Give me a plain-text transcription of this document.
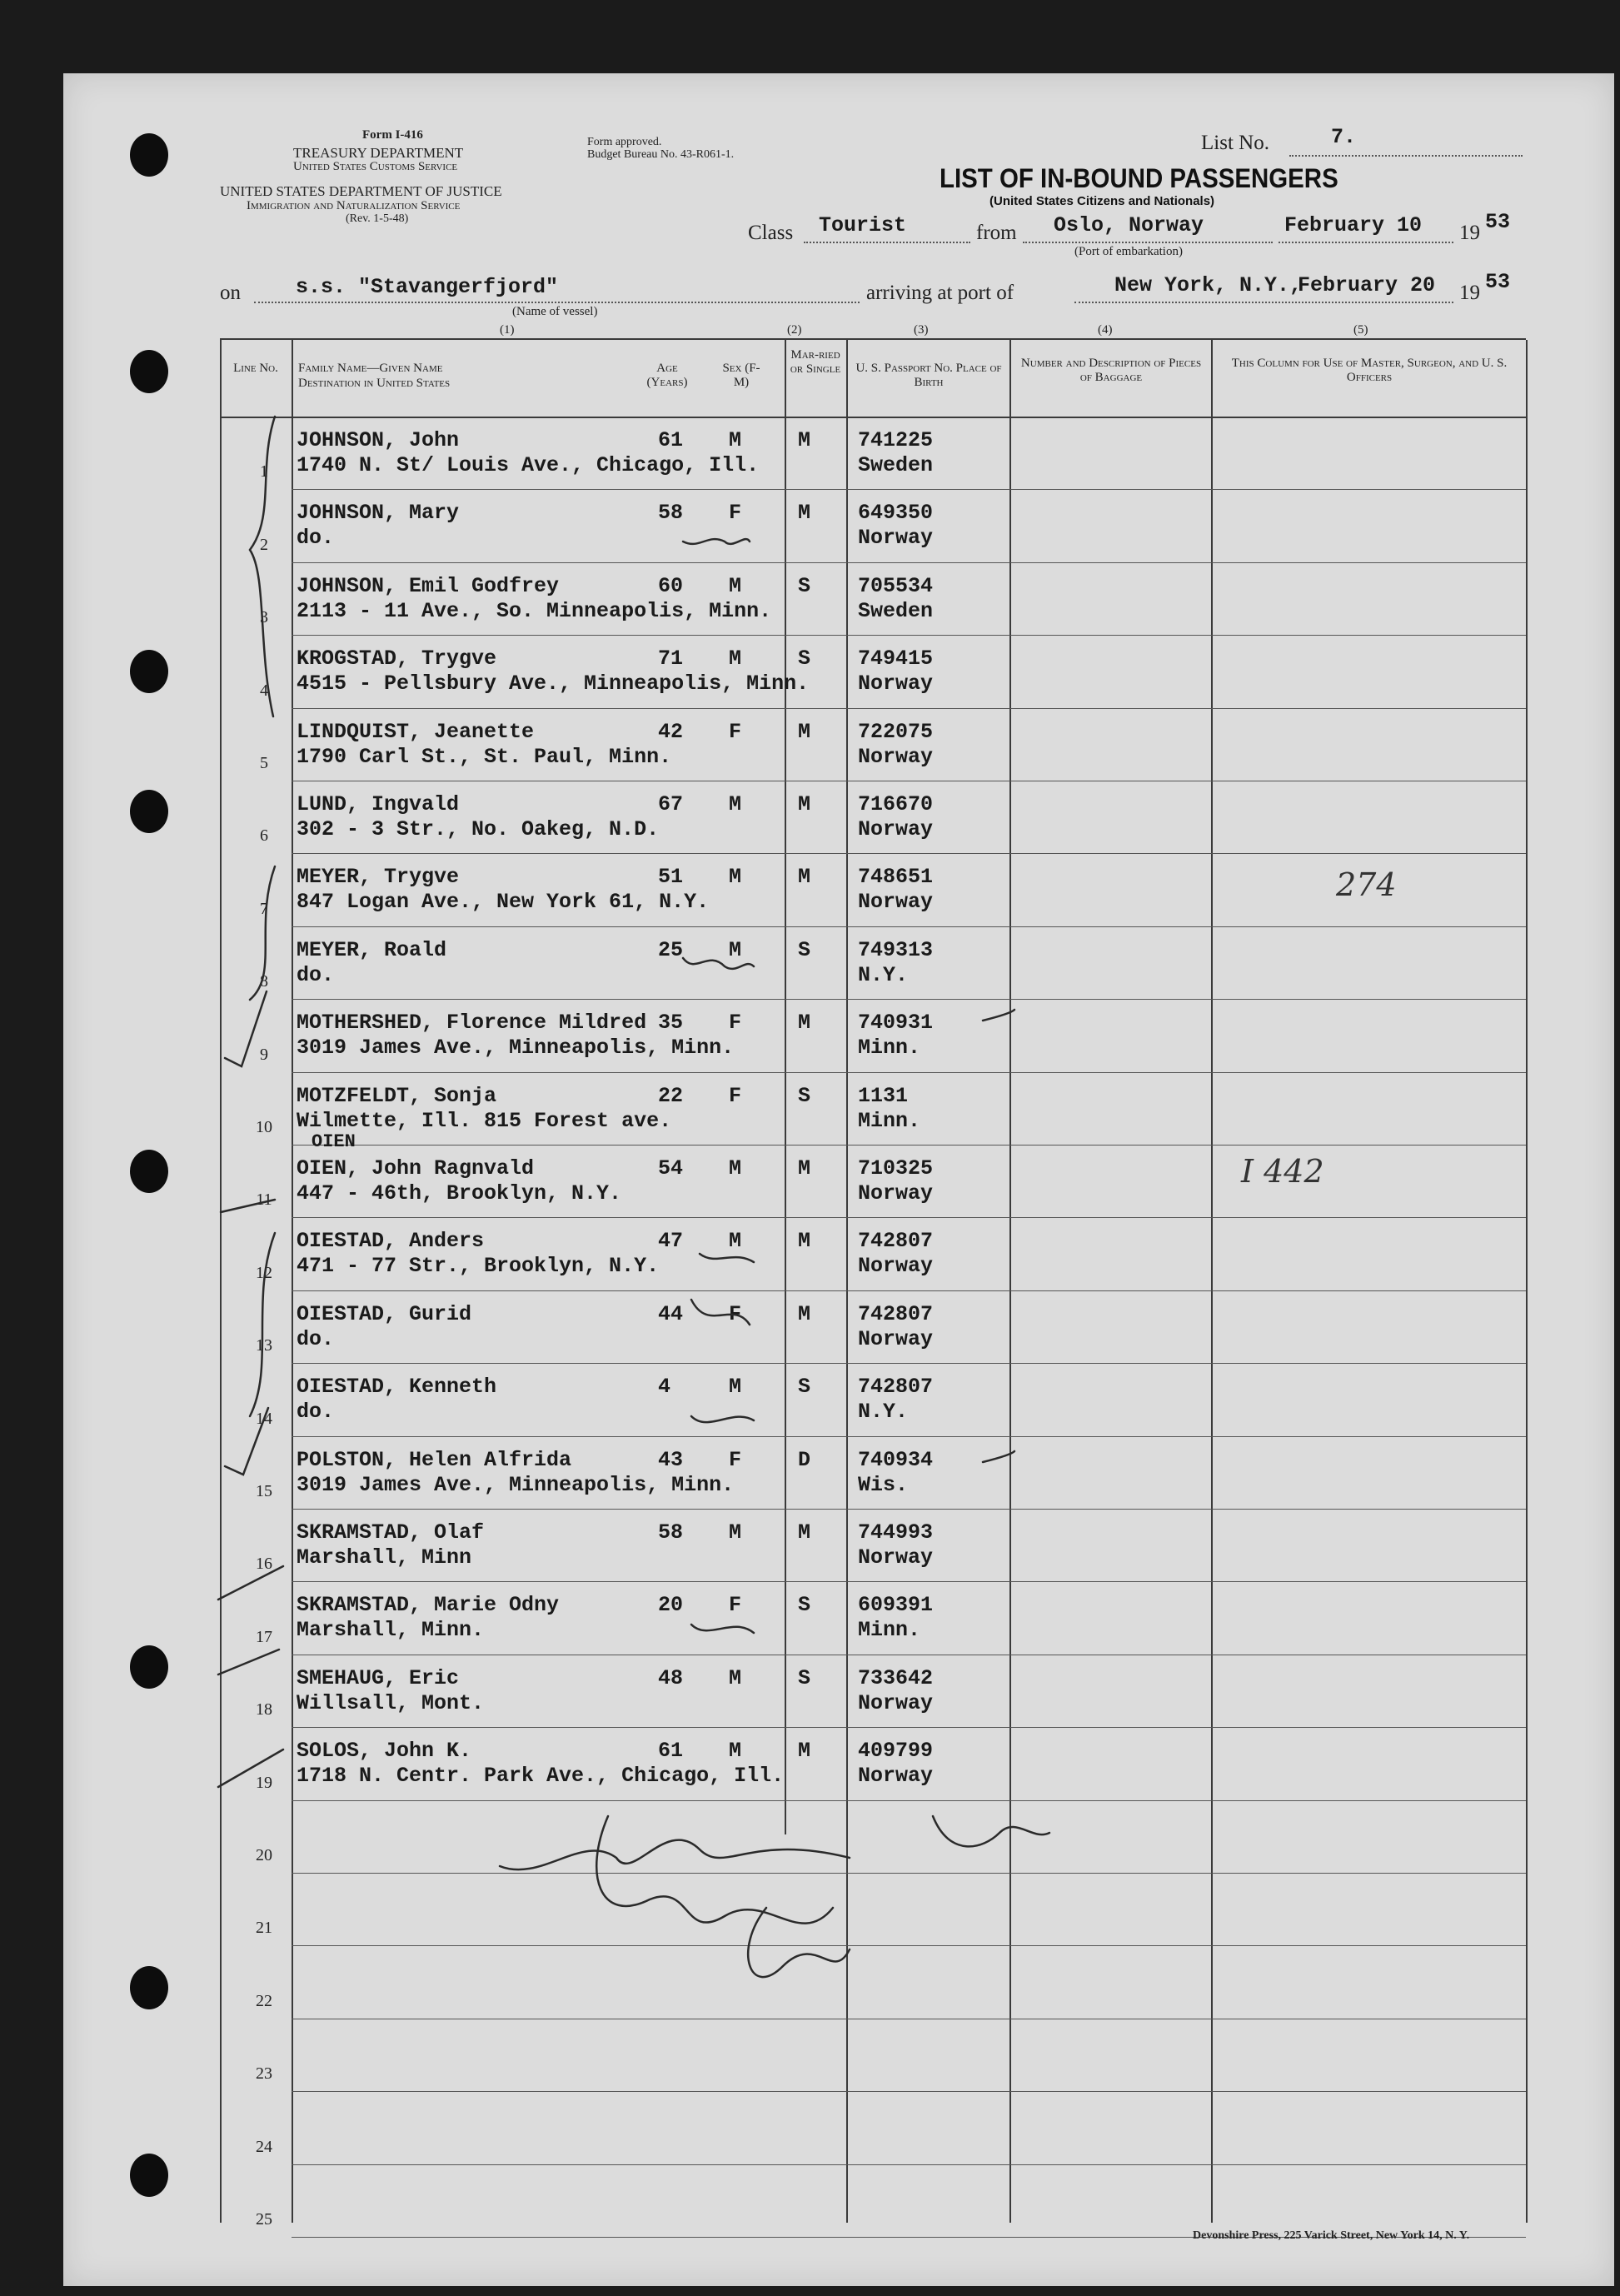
Form I-416
TREASURY DEPARTMENT
United States Customs Service
UNITED STATES DEPARTMENT OF JUSTICE
Immigration and Naturalization Service
(Rev. 1-5-48)
Form approved.
Budget Bureau No. 43-R061-1.
List No.	7.
LIST OF IN-BOUND PASSENGERS
(United States Citizens and Nationals)
Class Tourist	from Oslo, Norway
(Port of embarkation)
February 10 19 53
on	s.s. "Stavangerfjord"
(Name of vessel)
arriving at port of	New York, N.Y.,
February 20 19 53
(1)	(2)	(3)	(4)	(5)
Line No.	Family Name—Given Name
Destination in United States
Age (Years)
Sex (F-M)
Mar-ried or Single	U. S. Passport No. Place of Birth
Number and Description of Pieces of Baggage
This Column for Use of Master, Surgeon, and U. S. Officers
1
JOHNSON, John
1740 N. St/ Louis Ave., Chicago, Ill.
61 M	M 741225
Sweden
2
JOHNSON, Mary
do.
58 F	M 649350
Norway
3
JOHNSON, Emil Godfrey
2113 - 11 Ave., So. Minneapolis, Minn.
60 M	S 705534
Sweden
4
KROGSTAD, Trygve
4515 - Pellsbury Ave., Minneapolis, Minn.
71 M	S 749415
Norway
5
LINDQUIST, Jeanette
1790 Carl St., St. Paul, Minn.
42 F	M 722075
Norway
6
LUND, Ingvald
302 - 3 Str., No. Oakeg, N.D.
67 M	M 716670
Norway
7
MEYER, Trygve
847 Logan Ave., New York 61, N.Y.
51 M	M 748651
Norway
8
MEYER, Roald
do.
25 M	S 749313
N.Y.
9
MOTHERSHED, Florence Mildred
3019 James Ave., Minneapolis, Minn.
35 F	M 740931
Minn.
10
MOTZFELDT, Sonja
Wilmette, Ill. 815 Forest ave.
22 F	S 1131
Minn.
11
OIEN, John Ragnvald
447 - 46th, Brooklyn, N.Y.
54 M	M 710325
Norway
12
OIESTAD, Anders
471 - 77 Str., Brooklyn, N.Y.
47 M	M 742807
Norway
13
OIESTAD, Gurid
do.
44 F	M 742807
Norway
14
OIESTAD, Kenneth
do.
4	M	S 742807
N.Y.
15
POLSTON, Helen Alfrida
3019 James Ave., Minneapolis, Minn.
43 F	D 740934
Wis.
16
SKRAMSTAD, Olaf
Marshall, Minn
58 M	M 744993
Norway
17
SKRAMSTAD, Marie Odny
Marshall, Minn.
20 F	S 609391
Minn.
18
SMEHAUG, Eric
Willsall, Mont.
48 M	S 733642
Norway
19
SOLOS, John K.
1718 N. Centr. Park Ave., Chicago, Ill.
61 M	M 409799
Norway
20
21
22
23
24
25
OIEN
274
I 442
Devonshire Press, 225 Varick Street, New York 14, N. Y.
